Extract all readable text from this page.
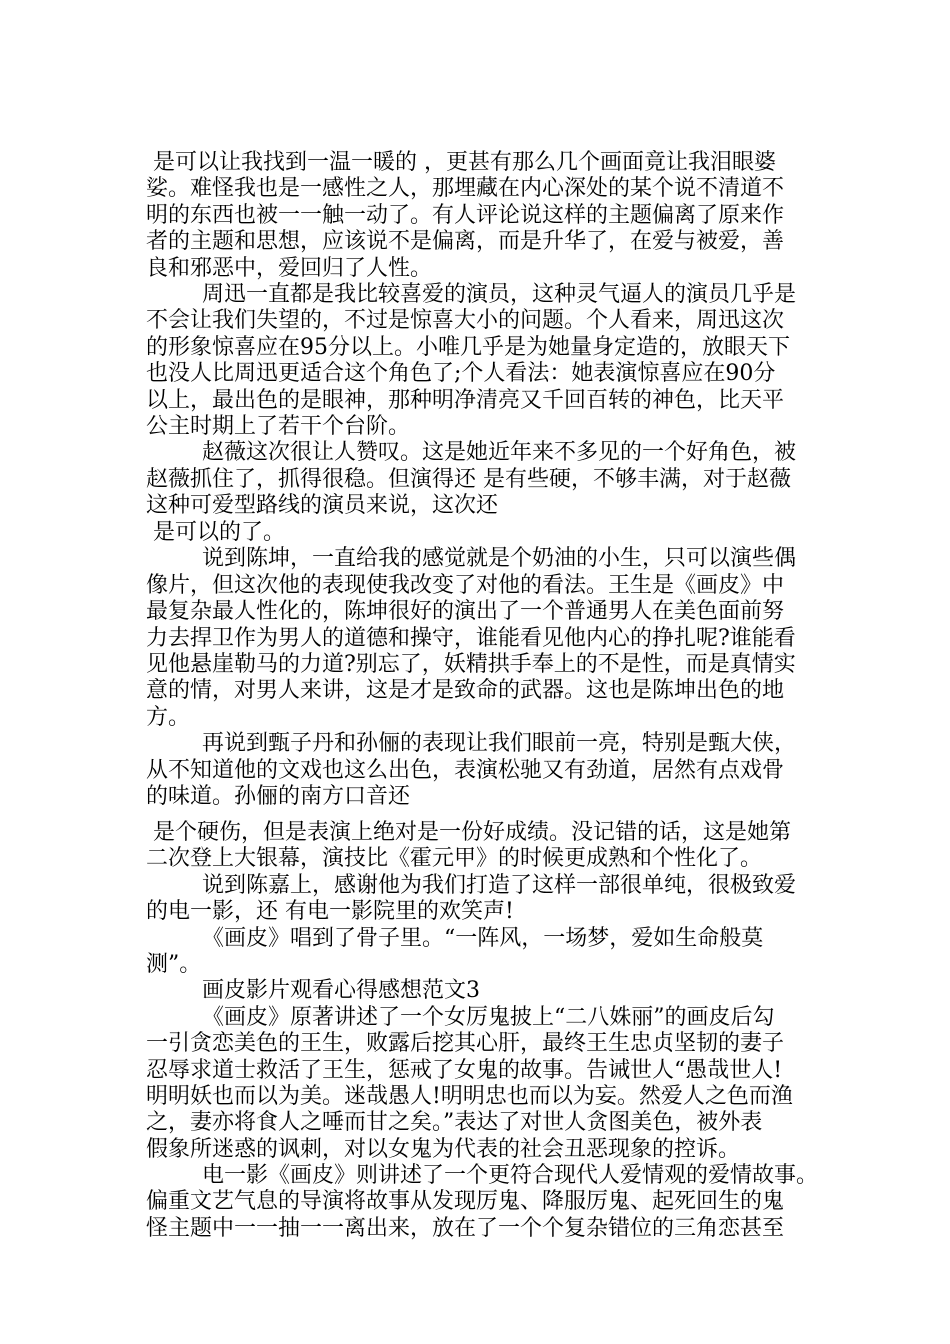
是可以让我找到一温一暖的 ，更甚有那么几个画面竟让我泪眼婆
娑。难怪我也是一感性之人，那埋藏在内心深处的某个说不清道不
明的东西也被一一触一动了。有人评论说这样的主题偏离了原来作
者的主题和思想，应该说不是偏离，而是升华了，在爱与被爱，善
良和邪恶中，爱回归了人性。
周迅一直都是我比较喜爱的演员，这种灵气逼人的演员几乎是
不会让我们失望的，不过是惊喜大小的问题。个人看来，周迅这次
的形象惊喜应在95分以上。小唯几乎是为她量身定造的，放眼天下
也没人比周迅更适合这个角色了;个人看法：她表演惊喜应在90分
以上，最出色的是眼神，那种明净清亮又千回百转的神色，比天平
公主时期上了若干个台阶。
赵薇这次很让人赞叹。这是她近年来不多见的一个好角色，被
赵薇抓住了，抓得很稳。但演得还 是有些硬，不够丰满，对于赵薇
这种可爱型路线的演员来说，这次还
是可以的了。
说到陈坤，一直给我的感觉就是个奶油的小生，只可以演些偶
像片，但这次他的表现使我改变了对他的看法。王生是《画皮》中
最复杂最人性化的，陈坤很好的演出了一个普通男人在美色面前努
力去捍卫作为男人的道德和操守，谁能看见他内心的挣扎呢?谁能看
见他悬崖勒马的力道?别忘了，妖精拱手奉上的不是性，而是真情实
意的情，对男人来讲，这是才是致命的武器。这也是陈坤出色的地
方。
再说到甄子丹和孙俪的表现让我们眼前一亮，特别是甄大侠，
从不知道他的文戏也这么出色，表演松驰又有劲道，居然有点戏骨
的味道。孙俪的南方口音还
是个硬伤，但是表演上绝对是一份好成绩。没记错的话，这是她第
二次登上大银幕，演技比《霍元甲》的时候更成熟和个性化了。
说到陈嘉上，感谢他为我们打造了这样一部很单纯，很极致爱
的电一影，还 有电一影院里的欢笑声!
《画皮》唱到了骨子里。“一阵风，一场梦，爱如生命般莫
测”。
画皮影片观看心得感想范文3
《画皮》原著讲述了一个女厉鬼披上“二八姝丽”的画皮后勾
一引贪恋美色的王生，败露后挖其心肝，最终王生忠贞坚韧的妻子
忍辱求道士救活了王生，惩戒了女鬼的故事。告诫世人“愚哉世人!
明明妖也而以为美。迷哉愚人!明明忠也而以为妄。然爱人之色而渔
之，妻亦将食人之唾而甘之矣。”表达了对世人贪图美色，被外表
假象所迷惑的讽刺，对以女鬼为代表的社会丑恶现象的控诉。
电一影《画皮》则讲述了一个更符合现代人爱情观的爱情故事。
偏重文艺气息的导演将故事从发现厉鬼、降服厉鬼、起死回生的鬼
怪主题中一一抽一一离出来，放在了一个个复杂错位的三角恋甚至
